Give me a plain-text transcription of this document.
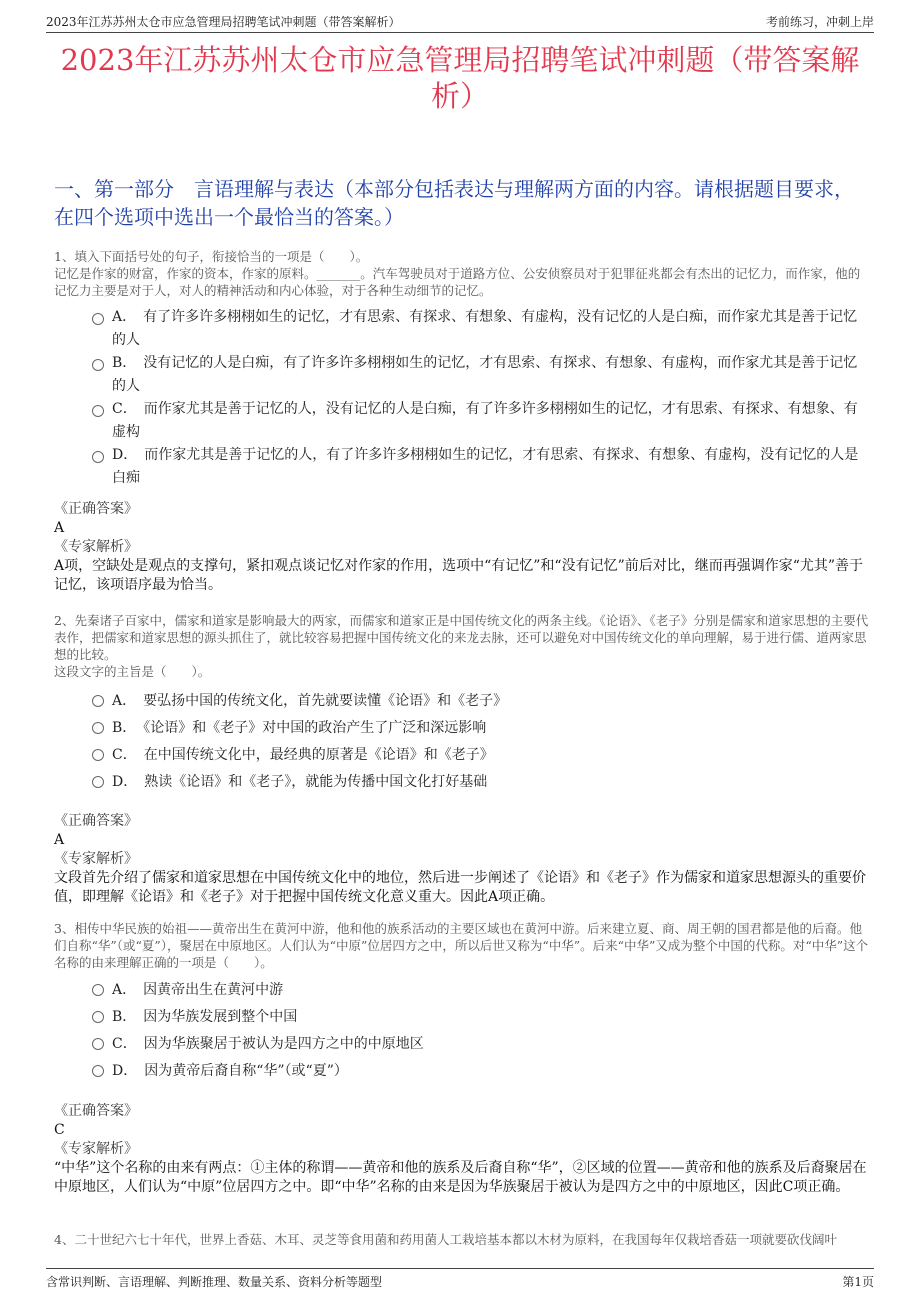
2023年江苏苏州太仓市应急管理局招聘笔试冲刺题（带答案解析）	考前练习，冲刺上岸
2023年江苏苏州太仓市应急管理局招聘笔试冲刺题（带答案解析）
一、第一部分　言语理解与表达（本部分包括表达与理解两方面的内容。请根据题目要求，在四个选项中选出一个最恰当的答案。）

1、填入下面括号处的句子，衔接恰当的一项是（　　）。

记忆是作家的财富，作家的资本，作家的原料。_______。汽车驾驶员对于道路方位、公安侦察员对于犯罪征兆都会有杰出的记忆力，而作家，他的记忆力主要是对于人，对人的精神活动和内心体验，对于各种生动细节的记忆。

A．　有了许多许多栩栩如生的记忆，才有思索、有探求、有想象、有虚构，没有记忆的人是白痴，而作家尤其是善于记忆的人
B．　没有记忆的人是白痴，有了许多许多栩栩如生的记忆，才有思索、有探求、有想象、有虚构，而作家尤其是善于记忆的人
C．　而作家尤其是善于记忆的人，没有记忆的人是白痴，有了许多许多栩栩如生的记忆，才有思索、有探求、有想象、有虚构
D．　而作家尤其是善于记忆的人，有了许多许多栩栩如生的记忆，才有思索、有探求、有想象、有虚构，没有记忆的人是白痴

《正确答案》

A

《专家解析》

A项，空缺处是观点的支撑句，紧扣观点谈记忆对作家的作用，选项中“有记忆”和“没有记忆”前后对比，继而再强调作家“尤其”善于记忆，该项语序最为恰当。

2、先秦诸子百家中，儒家和道家是影响最大的两家，而儒家和道家正是中国传统文化的两条主线。《论语》、《老子》分别是儒家和道家思想的主要代表作，把儒家和道家思想的源头抓住了，就比较容易把握中国传统文化的来龙去脉，还可以避免对中国传统文化的单向理解，易于进行儒、道两家思想的比较。

这段文字的主旨是（　　）。

A．　要弘扬中国的传统文化，首先就要读懂《论语》和《老子》
B．　《论语》和《老子》对中国的政治产生了广泛和深远影响
C．　在中国传统文化中，最经典的原著是《论语》和《老子》
D．　熟读《论语》和《老子》，就能为传播中国文化打好基础

《正确答案》

A

《专家解析》

文段首先介绍了儒家和道家思想在中国传统文化中的地位，然后进一步阐述了《论语》和《老子》作为儒家和道家思想源头的重要价值，即理解《论语》和《老子》对于把握中国传统文化意义重大。因此A项正确。

3、相传中华民族的始祖——黄帝出生在黄河中游，他和他的族系活动的主要区域也在黄河中游。后来建立夏、商、周王朝的国君都是他的后裔。他们自称“华”（或“夏”），聚居在中原地区。人们认为“中原”位居四方之中，所以后世又称为“中华”。后来“中华”又成为整个中国的代称。对“中华”这个名称的由来理解正确的一项是（　　）。

A．　因黄帝出生在黄河中游
B．　因为华族发展到整个中国
C．　因为华族聚居于被认为是四方之中的中原地区
D．　因为黄帝后裔自称“华”（或“夏”）

《正确答案》

C

《专家解析》

“中华”这个名称的由来有两点：①主体的称谓——黄帝和他的族系及后裔自称“华”，②区域的位置——黄帝和他的族系及后裔聚居在中原地区，人们认为“中原”位居四方之中。即“中华”名称的由来是因为华族聚居于被认为是四方之中的中原地区，因此C项正确。

4、二十世纪六七十年代，世界上香菇、木耳、灵芝等食用菌和药用菌人工栽培基本都以木材为原料，在我国每年仅栽培香菇一项就要砍伐阔叶

含常识判断、言语理解、判断推理、数量关系、资料分析等题型	第1页
